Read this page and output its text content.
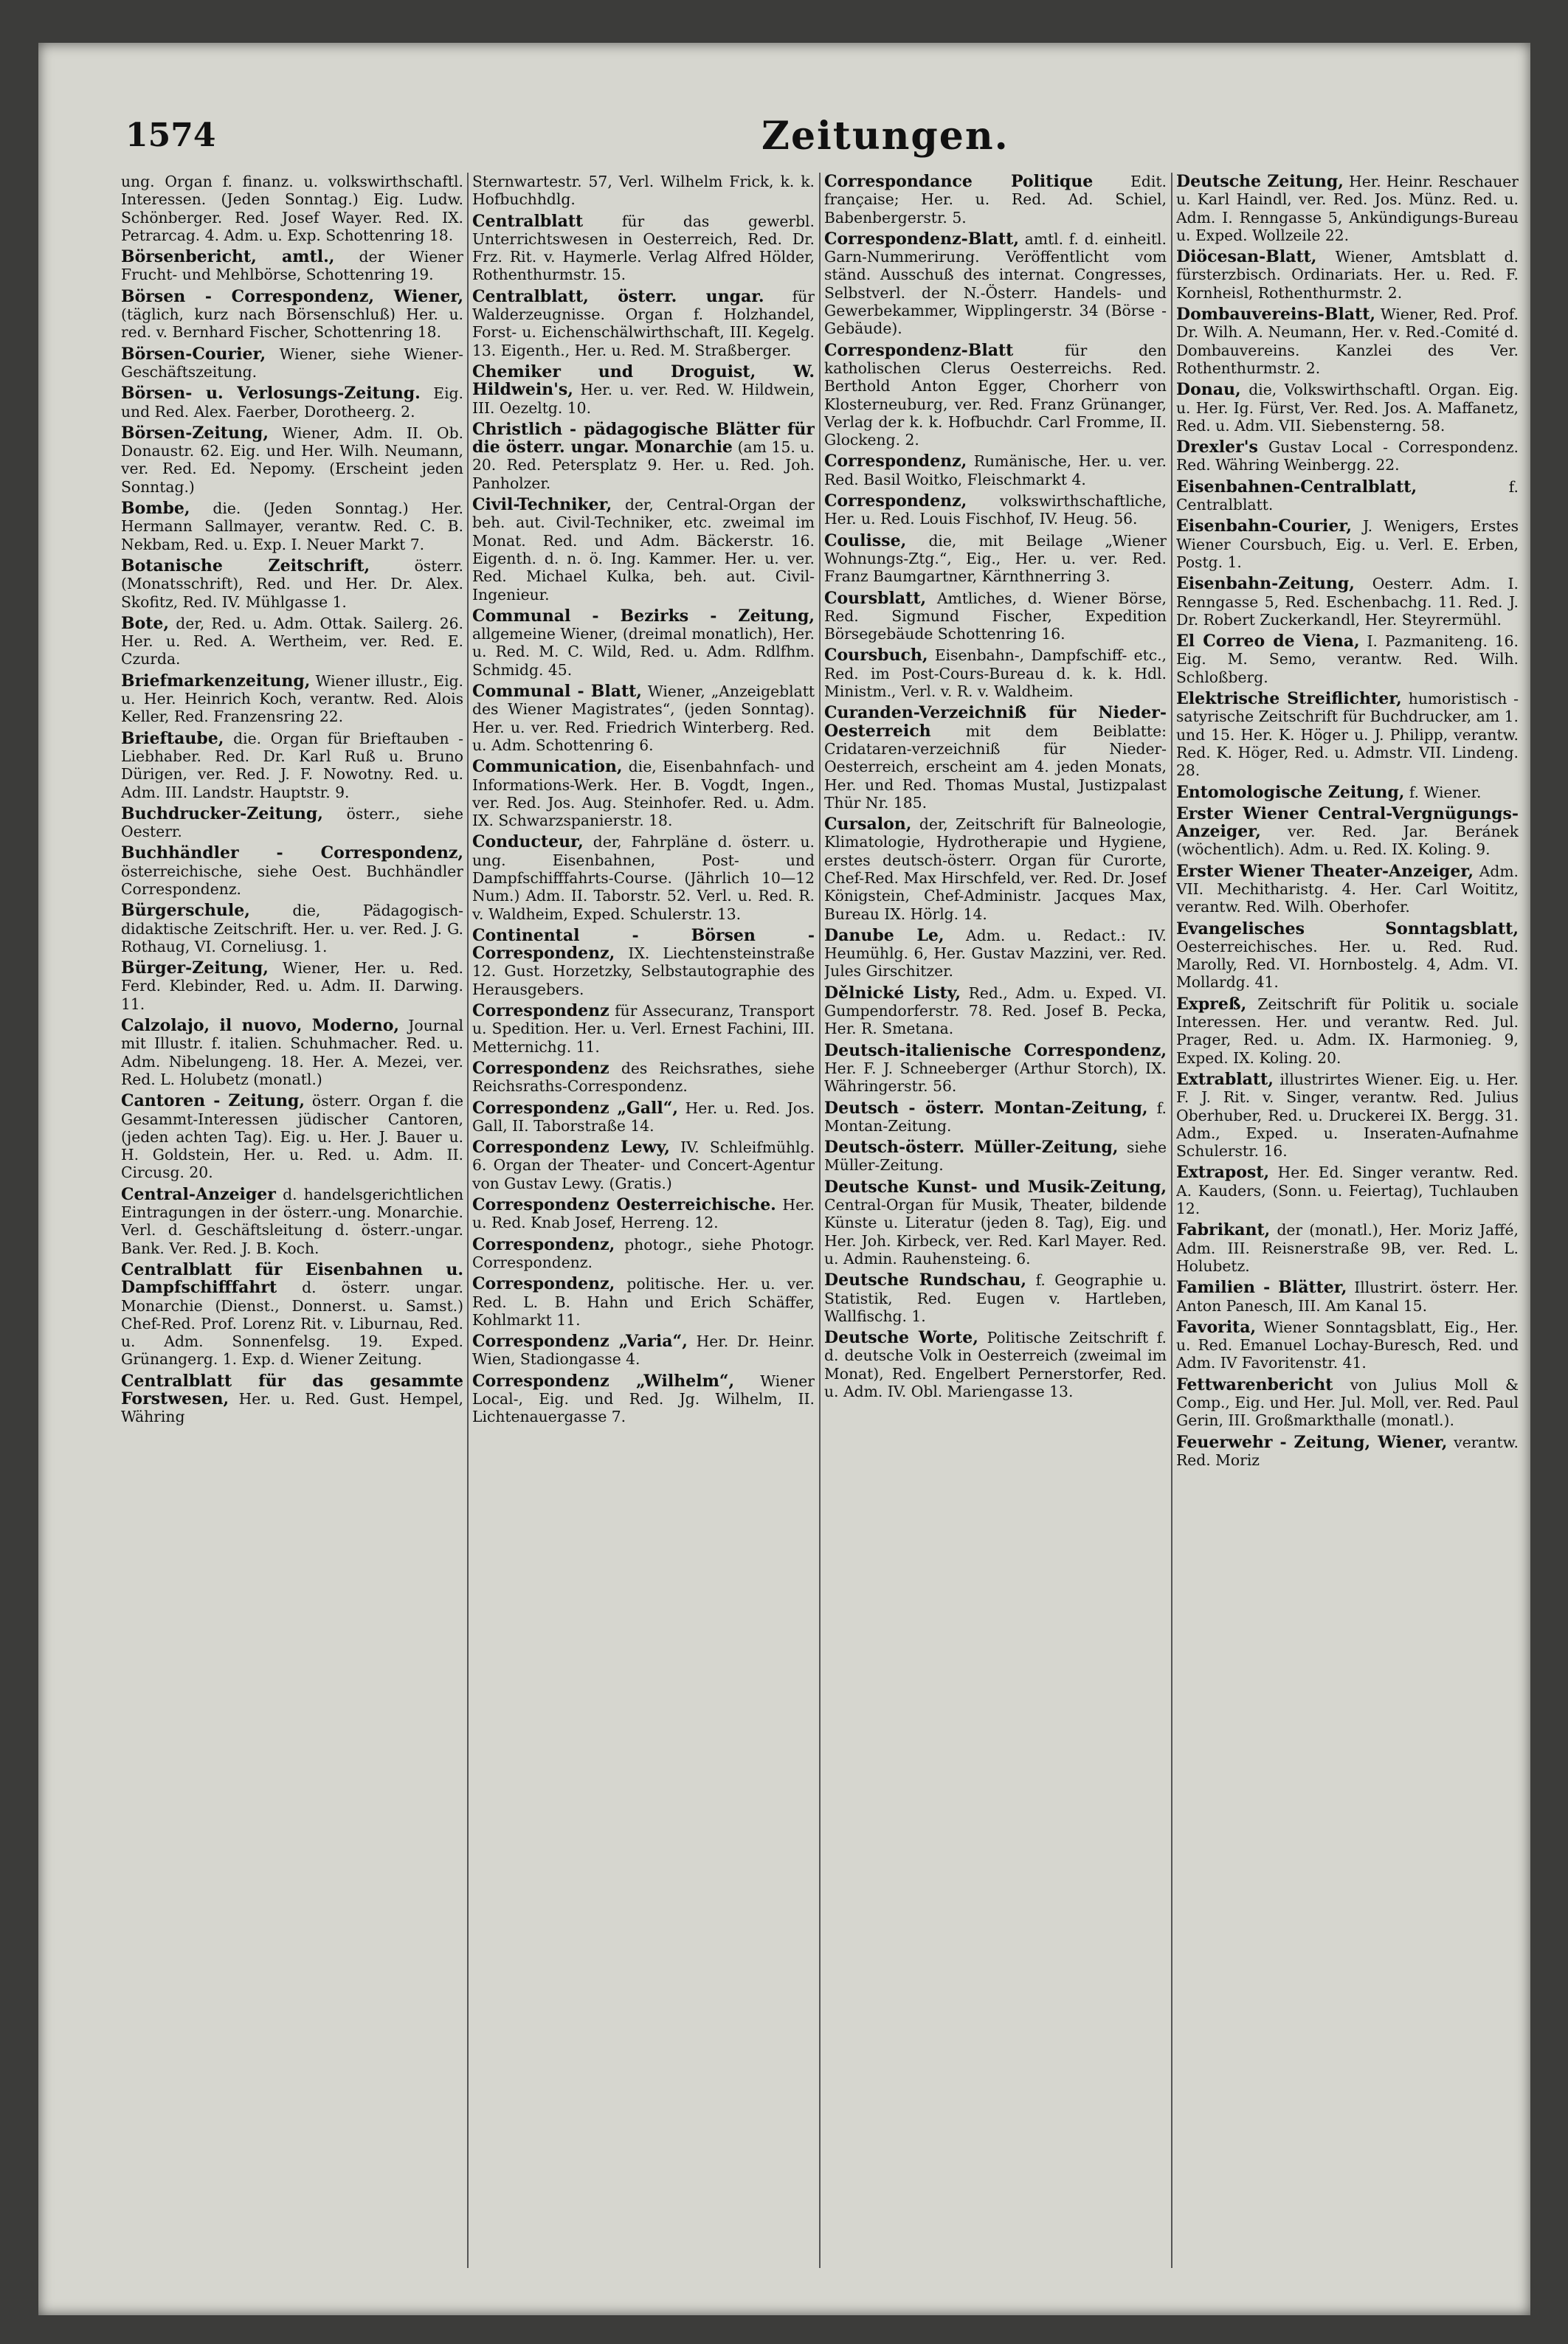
1574	Zeitungen.

ung. Organ f. finanz. u. volkswirthschaftl. Interessen. (Jeden Sonntag.) Eig. Ludw. Schönberger. Red. Josef Wayer. Red. IX. Petrarcag. 4. Adm. u. Exp. Schottenring 18.

Börsenbericht, amtl., der Wiener Frucht- und Mehlbörse, Schottenring 19.

Börsen - Correspondenz, Wiener, (täglich, kurz nach Börsenschluß) Her. u. red. v. Bernhard Fischer, Schottenring 18.

Börsen-Courier, Wiener, siehe Wiener-Geschäftszeitung.

Börsen- u. Verlosungs-Zeitung. Eig. und Red. Alex. Faerber, Dorotheerg. 2.

Börsen-Zeitung, Wiener, Adm. II. Ob. Donaustr. 62. Eig. und Her. Wilh. Neumann, ver. Red. Ed. Nepomy. (Erscheint jeden Sonntag.)

Bombe, die. (Jeden Sonntag.) Her. Hermann Sallmayer, verantw. Red. C. B. Nekbam, Red. u. Exp. I. Neuer Markt 7.

Botanische Zeitschrift,	österr. (Monatsschrift), Red. und Her. Dr. Alex. Skofitz, Red. IV. Mühlgasse 1.

Bote, der, Red. u. Adm. Ottak. Sailerg. 26. Her. u. Red. A. Wertheim, ver. Red. E. Czurda.

Briefmarkenzeitung, Wiener illustr., Eig. u. Her. Heinrich Koch, verantw. Red. Alois Keller, Red. Franzensring 22.

Brieftaube, die. Organ für Brieftauben - Liebhaber. Red. Dr. Karl Ruß u. Bruno Dürigen, ver. Red. J. F. Nowotny. Red. u. Adm. III. Landstr. Hauptstr. 9.

Buchdrucker-Zeitung, österr., siehe Oesterr.

Buchhändler - Correspondenz, österreichische, siehe Oest. Buchhändler Correspondenz.

Bürgerschule,	die, Pädagogisch-didaktische Zeitschrift. Her. u. ver. Red. J. G. Rothaug, VI. Corneliusg. 1.

Bürger-Zeitung, Wiener, Her. u. Red. Ferd. Klebinder, Red. u. Adm. II. Darwing. 11.

Calzolajo, il nuovo, Moderno, Journal mit Illustr. f. italien. Schuhmacher. Red. u. Adm. Nibelungeng. 18. Her. A. Mezei, ver. Red. L. Holubetz (monatl.)

Cantoren - Zeitung, österr. Organ f. die Gesammt-Interessen jüdischer Cantoren, (jeden achten Tag). Eig. u. Her. J. Bauer u. H. Goldstein, Her. u. Red. u. Adm. II. Circusg. 20.

Central-Anzeiger d. handelsgerichtlichen Eintragungen in der österr.-ung. Monarchie. Verl. d. Geschäftsleitung d. österr.-ungar. Bank. Ver. Red. J. B. Koch.

Centralblatt für Eisenbahnen u. Dampfschifffahrt d. österr. ungar. Monarchie (Dienst., Donnerst. u. Samst.) Chef-Red. Prof. Lorenz Rit. v. Liburnau, Red. u. Adm. Sonnenfelsg. 19. Exped. Grünangerg. 1. Exp. d. Wiener Zeitung.

Centralblatt für das gesammte Forstwesen, Her. u. Red. Gust. Hempel, Währing

Sternwartestr. 57, Verl. Wilhelm Frick, k. k. Hofbuchhdlg.

Centralblatt	für das gewerbl. Unterrichtswesen in Oesterreich, Red. Dr. Frz. Rit. v. Haymerle. Verlag Alfred Hölder, Rothenthurmstr. 15.

Centralblatt, österr. ungar. für Walderzeugnisse. Organ f. Holzhandel, Forst- u. Eichenschälwirthschaft, III. Kegelg. 13. Eigenth., Her. u. Red. M. Straßberger.

Chemiker und Droguist, W. Hildwein's, Her. u. ver. Red. W. Hildwein, III. Oezeltg. 10.

Christlich - pädagogische Blätter für die österr. ungar. Monarchie (am 15. u. 20. Red. Petersplatz 9. Her. u. Red. Joh. Panholzer.

Civil-Techniker, der, Central-Organ der beh. aut. Civil-Techniker, etc. zweimal im Monat. Red. und Adm. Bäckerstr. 16. Eigenth. d. n. ö. Ing. Kammer. Her. u. ver. Red. Michael Kulka, beh. aut. Civil-Ingenieur.

Communal - Bezirks - Zeitung, allgemeine Wiener, (dreimal monatlich), Her. u. Red. M. C. Wild, Red. u. Adm. Rdlfhm. Schmidg. 45.

Communal - Blatt, Wiener, „Anzeigeblatt des Wiener Magistrates“, (jeden Sonntag). Her. u. ver. Red. Friedrich Winterberg. Red. u. Adm. Schottenring 6.

Communication, die, Eisenbahnfach- und Informations-Werk. Her. B. Vogdt, Ingen., ver. Red. Jos. Aug. Steinhofer. Red. u. Adm. IX. Schwarzspanierstr. 18.

Conducteur, der, Fahrpläne d. österr. u. ung. Eisenbahnen, Post- und Dampfschifffahrts-Course. (Jährlich 10—12 Num.) Adm. II. Taborstr. 52. Verl. u. Red. R. v. Waldheim, Exped. Schulerstr. 13.

Continental - Börsen - Correspondenz, IX. Liechtensteinstraße 12. Gust. Horzetzky, Selbstautographie des Herausgebers.

Correspondenz für Assecuranz, Transport u. Spedition. Her. u. Verl. Ernest Fachini, III. Metternichg. 11.

Correspondenz des Reichsrathes, siehe Reichsraths-Correspondenz.

Correspondenz „Gall“, Her. u. Red. Jos. Gall, II. Taborstraße 14.

Correspondenz Lewy, IV. Schleifmühlg. 6. Organ der Theater- und Concert-Agentur von Gustav Lewy. (Gratis.)

Correspondenz Oesterreichische. Her. u. Red. Knab Josef, Herreng. 12.

Correspondenz, photogr., siehe Photogr. Correspondenz.

Correspondenz, politische. Her. u. ver. Red. L. B. Hahn und Erich Schäffer, Kohlmarkt 11.

Correspondenz „Varia“, Her. Dr. Heinr. Wien, Stadiongasse 4.

Correspondenz „Wilhelm“, Wiener Local-, Eig. und Red. Jg. Wilhelm, II. Lichtenauergasse 7.

Correspondance Politique	Edit. française; Her. u. Red. Ad. Schiel, Babenbergerstr. 5.

Correspondenz-Blatt, amtl. f. d. einheitl. Garn-Nummerirung. Veröffentlicht vom ständ. Ausschuß des internat. Congresses, Selbstverl. der N.-Österr. Handels- und Gewerbekammer, Wipplingerstr. 34 (Börse - Gebäude).

Correspondenz-Blatt	für den katholischen Clerus Oesterreichs. Red. Berthold Anton Egger, Chorherr von Klosterneuburg, ver. Red. Franz Grünanger, Verlag der k. k. Hofbuchdr. Carl Fromme, II. Glockeng. 2.

Correspondenz, Rumänische, Her. u. ver. Red. Basil Woitko, Fleischmarkt 4.

Correspondenz, volkswirthschaftliche, Her. u. Red. Louis Fischhof, IV. Heug. 56.

Coulisse, die, mit Beilage „Wiener Wohnungs-Ztg.“, Eig., Her. u. ver. Red. Franz Baumgartner, Kärnthnerring 3.

Coursblatt, Amtliches, d. Wiener Börse, Red. Sigmund Fischer, Expedition Börsegebäude Schottenring 16.

Coursbuch, Eisenbahn-, Dampfschiff- etc., Red. im Post-Cours-Bureau d. k. k. Hdl. Ministm., Verl. v. R. v. Waldheim.

Curanden-Verzeichniß für Nieder-Oesterreich mit dem Beiblatte: Cridataren-verzeichniß für Nieder-Oesterreich, erscheint am 4. jeden Monats, Her. und Red. Thomas Mustal, Justizpalast Thür Nr. 185.

Cursalon, der, Zeitschrift für Balneologie, Klimatologie, Hydrotherapie und Hygiene, erstes deutsch-österr. Organ für Curorte, Chef-Red. Max Hirschfeld, ver. Red. Dr. Josef Königstein, Chef-Administr. Jacques Max, Bureau IX. Hörlg. 14.

Danube Le, Adm. u. Redact.: IV. Heumühlg. 6, Her. Gustav Mazzini, ver. Red. Jules Girschitzer.

Dělnické Listy, Red., Adm. u. Exped. VI. Gumpendorferstr. 78. Red. Josef B. Pecka, Her. R. Smetana.

Deutsch-italienische Correspondenz, Her. F. J. Schneeberger (Arthur Storch), IX. Währingerstr. 56.

Deutsch - österr. Montan-Zeitung, f. Montan-Zeitung.

Deutsch-österr. Müller-Zeitung, siehe Müller-Zeitung.

Deutsche Kunst- und Musik-Zeitung, Central-Organ für Musik, Theater, bildende Künste u. Literatur (jeden 8. Tag), Eig. und Her. Joh. Kirbeck, ver. Red. Karl Mayer. Red. u. Admin. Rauhensteing. 6.

Deutsche Rundschau, f. Geographie u. Statistik, Red. Eugen v. Hartleben, Wallfischg. 1.

Deutsche Worte, Politische Zeitschrift f. d. deutsche Volk in Oesterreich (zweimal im Monat), Red. Engelbert Pernerstorfer, Red. u. Adm. IV. Obl. Mariengasse 13.

Deutsche Zeitung, Her. Heinr. Reschauer u. Karl Haindl, ver. Red. Jos. Münz. Red. u. Adm. I. Renngasse 5, Ankündigungs-Bureau u. Exped. Wollzeile 22.

Diöcesan-Blatt, Wiener, Amtsblatt d. fürsterzbisch. Ordinariats. Her. u. Red. F. Kornheisl, Rothenthurmstr. 2.

Dombauvereins-Blatt, Wiener, Red. Prof. Dr. Wilh. A. Neumann, Her. v. Red.-Comité d. Dombauvereins. Kanzlei des Ver. Rothenthurmstr. 2.

Donau, die, Volkswirthschaftl. Organ. Eig. u. Her. Ig. Fürst, Ver. Red. Jos. A. Maffanetz, Red. u. Adm. VII. Siebensterng. 58.

Drexler's Gustav Local - Correspondenz. Red. Währing Weinbergg. 22.

Eisenbahnen-Centralblatt,	f. Centralblatt.

Eisenbahn-Courier, J. Wenigers, Erstes Wiener Coursbuch, Eig. u. Verl. E. Erben, Postg. 1.

Eisenbahn-Zeitung, Oesterr. Adm. I. Renngasse 5, Red. Eschenbachg. 11. Red. J. Dr. Robert Zuckerkandl, Her. Steyrermühl.

El Correo de Viena, I. Pazmaniteng. 16. Eig. M. Semo, verantw. Red. Wilh. Schloßberg.

Elektrische Streiflichter, humoristisch - satyrische Zeitschrift für Buchdrucker, am 1. und 15. Her. K. Höger u. J. Philipp, verantw. Red. K. Höger, Red. u. Admstr. VII. Lindeng. 28.

Entomologische Zeitung, f. Wiener.

Erster Wiener Central-Vergnügungs-Anzeiger, ver. Red. Jar. Beránek (wöchentlich). Adm. u. Red. IX. Koling. 9.

Erster Wiener Theater-Anzeiger, Adm. VII. Mechitharistg. 4. Her. Carl Woititz, verantw. Red. Wilh. Oberhofer.

Evangelisches Sonntagsblatt, Oesterreichisches. Her. u. Red. Rud. Marolly, Red. VI. Hornbostelg. 4, Adm. VI. Mollardg. 41.

Expreß, Zeitschrift für Politik u. sociale Interessen. Her. und verantw. Red. Jul. Prager, Red. u. Adm. IX. Harmonieg. 9, Exped. IX. Koling. 20.

Extrablatt, illustrirtes Wiener. Eig. u. Her. F. J. Rit. v. Singer, verantw. Red. Julius Oberhuber, Red. u. Druckerei IX. Bergg. 31. Adm., Exped. u. Inseraten-Aufnahme Schulerstr. 16.

Extrapost, Her. Ed. Singer verantw. Red. A. Kauders, (Sonn. u. Feiertag), Tuchlauben 12.

Fabrikant, der (monatl.), Her. Moriz Jaffé, Adm. III. Reisnerstraße 9B, ver. Red. L. Holubetz.

Familien - Blätter, Illustrirt. österr. Her. Anton Panesch, III. Am Kanal 15.

Favorita, Wiener Sonntagsblatt, Eig., Her. u. Red. Emanuel Lochay-Buresch, Red. und Adm. IV Favoritenstr. 41.

Fettwarenbericht von Julius Moll & Comp., Eig. und Her. Jul. Moll, ver. Red. Paul Gerin, III. Großmarkthalle (monatl.).

Feuerwehr - Zeitung, Wiener, verantw. Red. Moriz
